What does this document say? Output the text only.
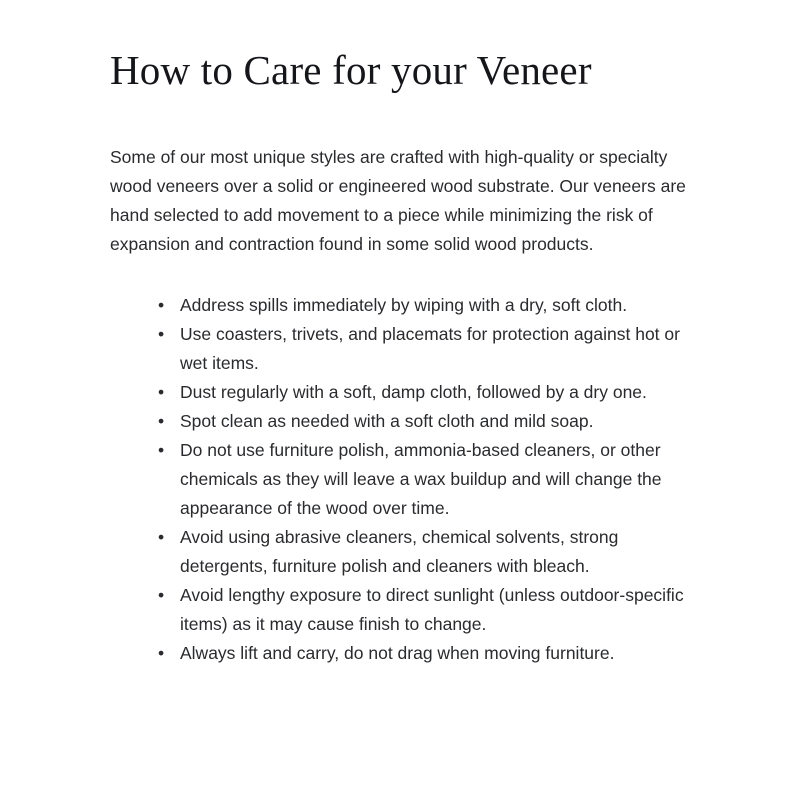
How to Care for your Veneer

Some of our most unique styles are crafted with high-quality or specialty wood veneers over a solid or engineered wood substrate. Our veneers are hand selected to add movement to a piece while minimizing the risk of expansion and contraction found in some solid wood products.

• Address spills immediately by wiping with a dry, soft cloth.
• Use coasters, trivets, and placemats for protection against hot or wet items.
• Dust regularly with a soft, damp cloth, followed by a dry one.
• Spot clean as needed with a soft cloth and mild soap.
• Do not use furniture polish, ammonia-based cleaners, or other chemicals as they will leave a wax buildup and will change the appearance of the wood over time.
• Avoid using abrasive cleaners, chemical solvents, strong detergents, furniture polish and cleaners with bleach.
• Avoid lengthy exposure to direct sunlight (unless outdoor-specific items) as it may cause finish to change.
• Always lift and carry, do not drag when moving furniture.
